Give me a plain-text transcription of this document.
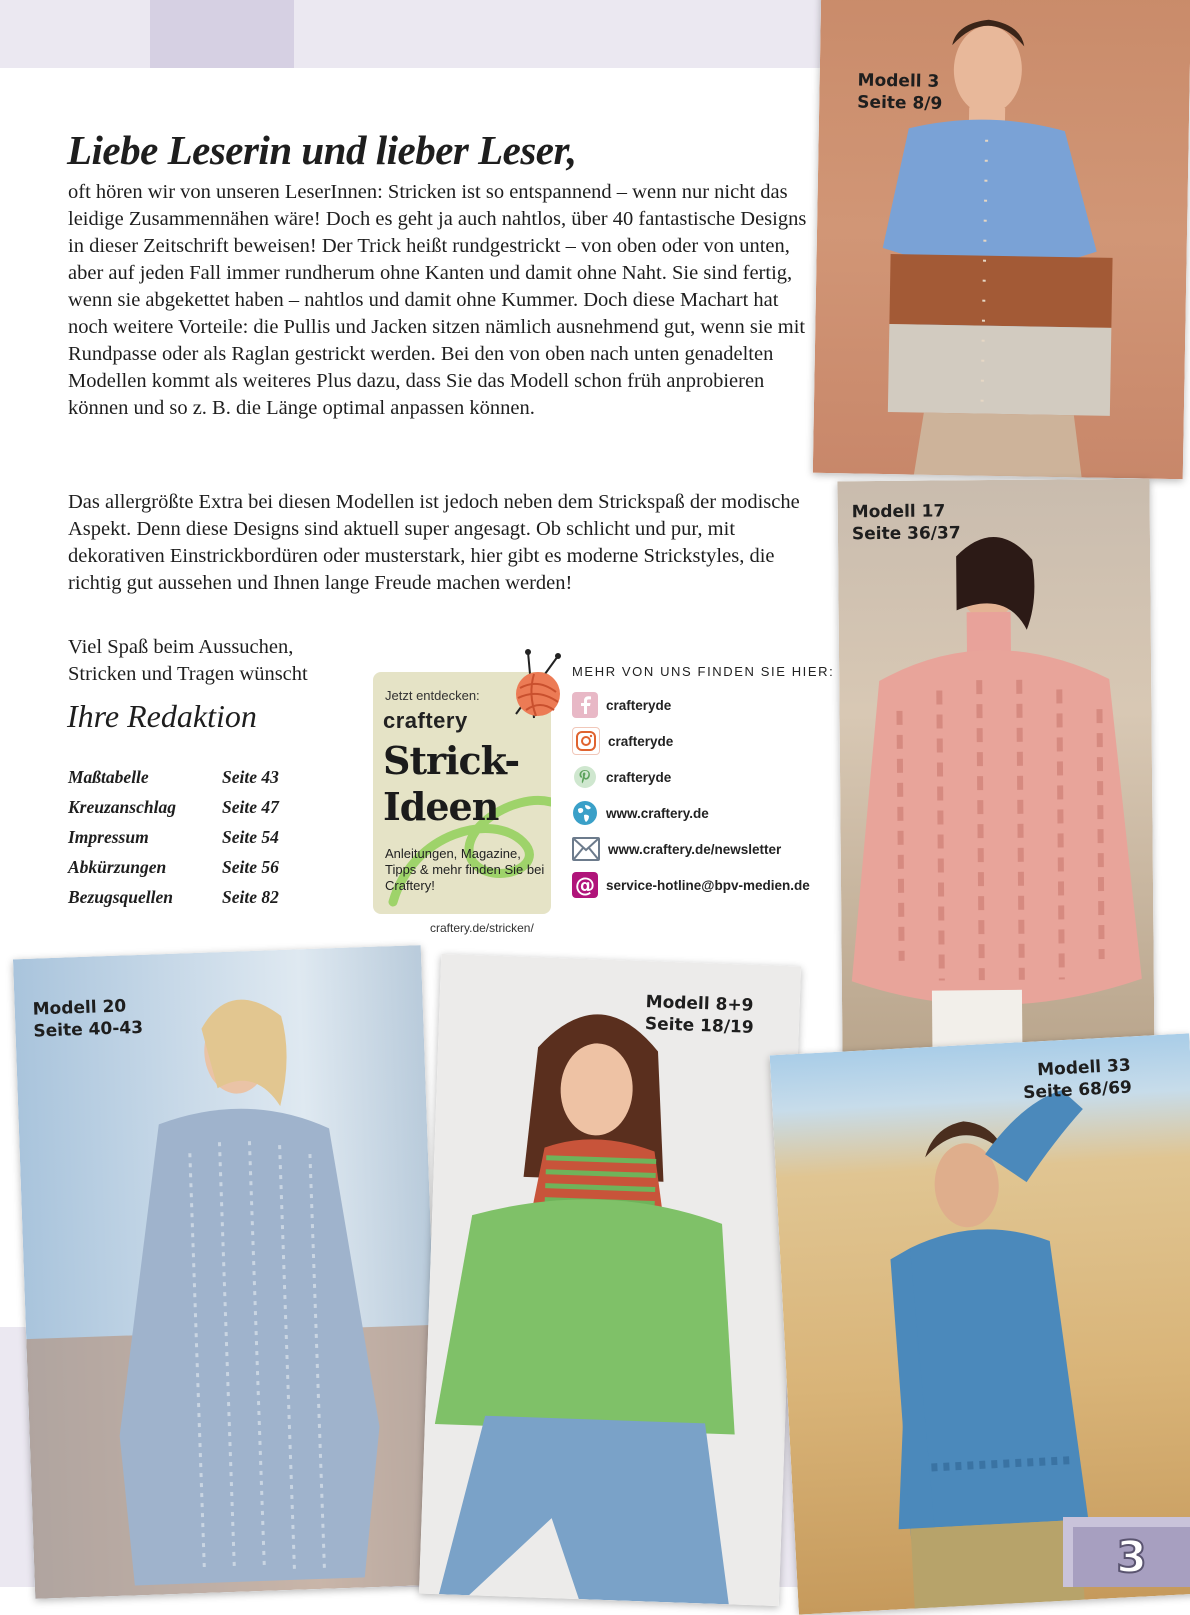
Liebe Leserin und lieber Leser,

oft hören wir von unseren LeserInnen: Stricken ist so entspannend – wenn nur nicht das leidige Zusammennähen wäre! Doch es geht ja auch nahtlos, über 40 fantastische Designs in dieser Zeitschrift beweisen! Der Trick heißt rundgestrickt – von oben oder von unten, aber auf jeden Fall immer rundherum ohne Kanten und damit ohne Naht. Sie sind fertig, wenn sie abgekettet haben – nahtlos und damit ohne Kummer. Doch diese Machart hat noch weitere Vorteile: die Pullis und Jacken sitzen nämlich ausnehmend gut, wenn sie mit Rundpasse oder als Raglan gestrickt werden. Bei den von oben nach unten genadelten Modellen kommt als weiteres Plus dazu, dass Sie das Modell schon früh anprobieren können und so z. B. die Länge optimal anpassen können.

Das allergrößte Extra bei diesen Modellen ist jedoch neben dem Strickspaß der modische Aspekt. Denn diese Designs sind aktuell super angesagt. Ob schlicht und pur, mit dekorativen Einstrickbordüren oder musterstark, hier gibt es moderne Strickstyles, die richtig gut aussehen und Ihnen lange Freude machen werden!

Viel Spaß beim Aussuchen,
Stricken und Tragen wünscht

Ihre Redaktion

Maßtabelle	Seite 43
Kreuzanschlag	Seite 47
Impressum	Seite 54
Abkürzungen	Seite 56
Bezugsquellen	Seite 82
Jetzt entdecken:
craftery
Strick-
Ideen
Anleitungen, Magazine, Tipps & mehr finden Sie bei Craftery!
craftery.de/stricken/

MEHR VON UNS FINDEN SIE HIER:

crafteryde
crafteryde
crafteryde
www.craftery.de
www.craftery.de/newsletter
@ service-hotline@bpv-medien.de
Modell 3
Seite 8/9
Modell 17
Seite 36/37
Modell 20
Seite 40-43
Modell 8+9
Seite 18/19
Modell 33
Seite 68/69
3
